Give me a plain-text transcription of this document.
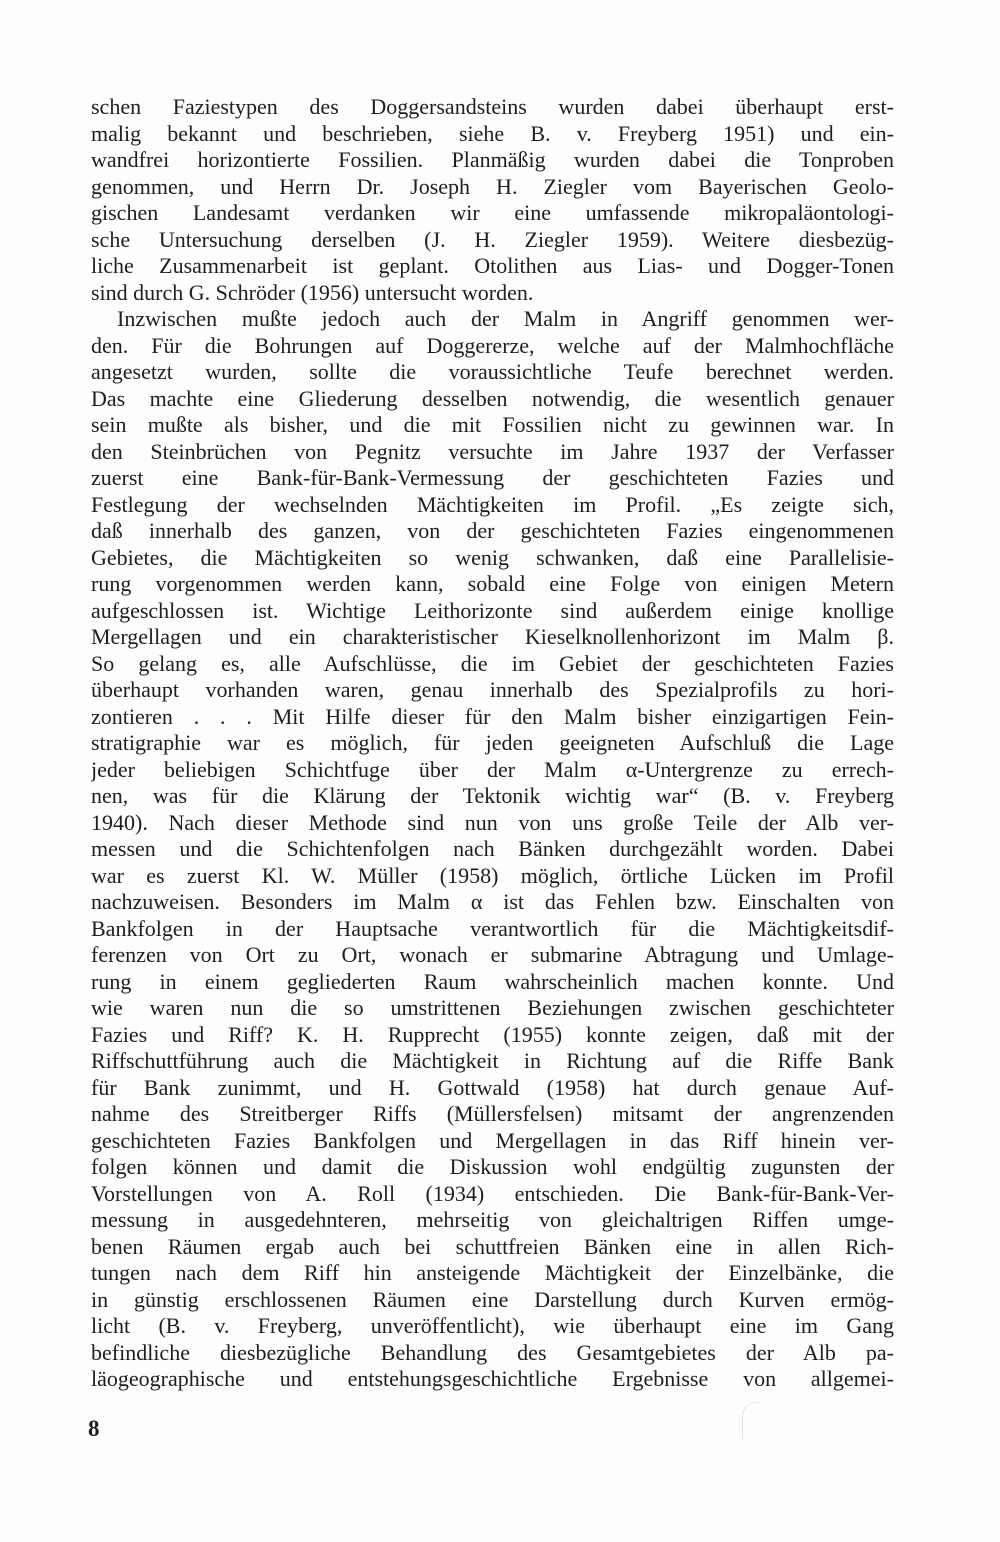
schen Faziestypen des Doggersandsteins wurden dabei überhaupt erst-
malig bekannt und beschrieben, siehe B. v. Freyberg 1951) und ein-
wandfrei horizontierte Fossilien. Planmäßig wurden dabei die Tonproben
genommen, und Herrn Dr. Joseph H. Ziegler vom Bayerischen Geolo-
gischen Landesamt verdanken wir eine umfassende mikropaläontologi-
sche Untersuchung derselben (J. H. Ziegler 1959). Weitere diesbezüg-
liche Zusammenarbeit ist geplant. Otolithen aus Lias- und Dogger-Tonen
sind durch G. Schröder (1956) untersucht worden.
Inzwischen mußte jedoch auch der Malm in Angriff genommen wer-
den. Für die Bohrungen auf Doggererze, welche auf der Malmhochfläche
angesetzt wurden, sollte die voraussichtliche Teufe berechnet werden.
Das machte eine Gliederung desselben notwendig, die wesentlich genauer
sein mußte als bisher, und die mit Fossilien nicht zu gewinnen war. In
den Steinbrüchen von Pegnitz versuchte im Jahre 1937 der Verfasser
zuerst eine Bank-für-Bank-Vermessung der geschichteten Fazies und
Festlegung der wechselnden Mächtigkeiten im Profil. „Es zeigte sich,
daß innerhalb des ganzen, von der geschichteten Fazies eingenommenen
Gebietes, die Mächtigkeiten so wenig schwanken, daß eine Parallelisie-
rung vorgenommen werden kann, sobald eine Folge von einigen Metern
aufgeschlossen ist. Wichtige Leithorizonte sind außerdem einige knollige
Mergellagen und ein charakteristischer Kieselknollenhorizont im Malm β.
So gelang es, alle Aufschlüsse, die im Gebiet der geschichteten Fazies
überhaupt vorhanden waren, genau innerhalb des Spezialprofils zu hori-
zontieren . . . Mit Hilfe dieser für den Malm bisher einzigartigen Fein-
stratigraphie war es möglich, für jeden geeigneten Aufschluß die Lage
jeder beliebigen Schichtfuge über der Malm α-Untergrenze zu errech-
nen, was für die Klärung der Tektonik wichtig war“ (B. v. Freyberg
1940). Nach dieser Methode sind nun von uns große Teile der Alb ver-
messen und die Schichtenfolgen nach Bänken durchgezählt worden. Dabei
war es zuerst Kl. W. Müller (1958) möglich, örtliche Lücken im Profil
nachzuweisen. Besonders im Malm α ist das Fehlen bzw. Einschalten von
Bankfolgen in der Hauptsache verantwortlich für die Mächtigkeitsdif-
ferenzen von Ort zu Ort, wonach er submarine Abtragung und Umlage-
rung in einem gegliederten Raum wahrscheinlich machen konnte. Und
wie waren nun die so umstrittenen Beziehungen zwischen geschichteter
Fazies und Riff? K. H. Rupprecht (1955) konnte zeigen, daß mit der
Riffschuttführung auch die Mächtigkeit in Richtung auf die Riffe Bank
für Bank zunimmt, und H. Gottwald (1958) hat durch genaue Auf-
nahme des Streitberger Riffs (Müllersfelsen) mitsamt der angrenzenden
geschichteten Fazies Bankfolgen und Mergellagen in das Riff hinein ver-
folgen können und damit die Diskussion wohl endgültig zugunsten der
Vorstellungen von A. Roll (1934) entschieden. Die Bank-für-Bank-Ver-
messung in ausgedehnteren, mehrseitig von gleichaltrigen Riffen umge-
benen Räumen ergab auch bei schuttfreien Bänken eine in allen Rich-
tungen nach dem Riff hin ansteigende Mächtigkeit der Einzelbänke, die
in günstig erschlossenen Räumen eine Darstellung durch Kurven ermög-
licht (B. v. Freyberg, unveröffentlicht), wie überhaupt eine im Gang
befindliche diesbezügliche Behandlung des Gesamtgebietes der Alb pa-
läogeographische und entstehungsgeschichtliche Ergebnisse von allgemei-
8
